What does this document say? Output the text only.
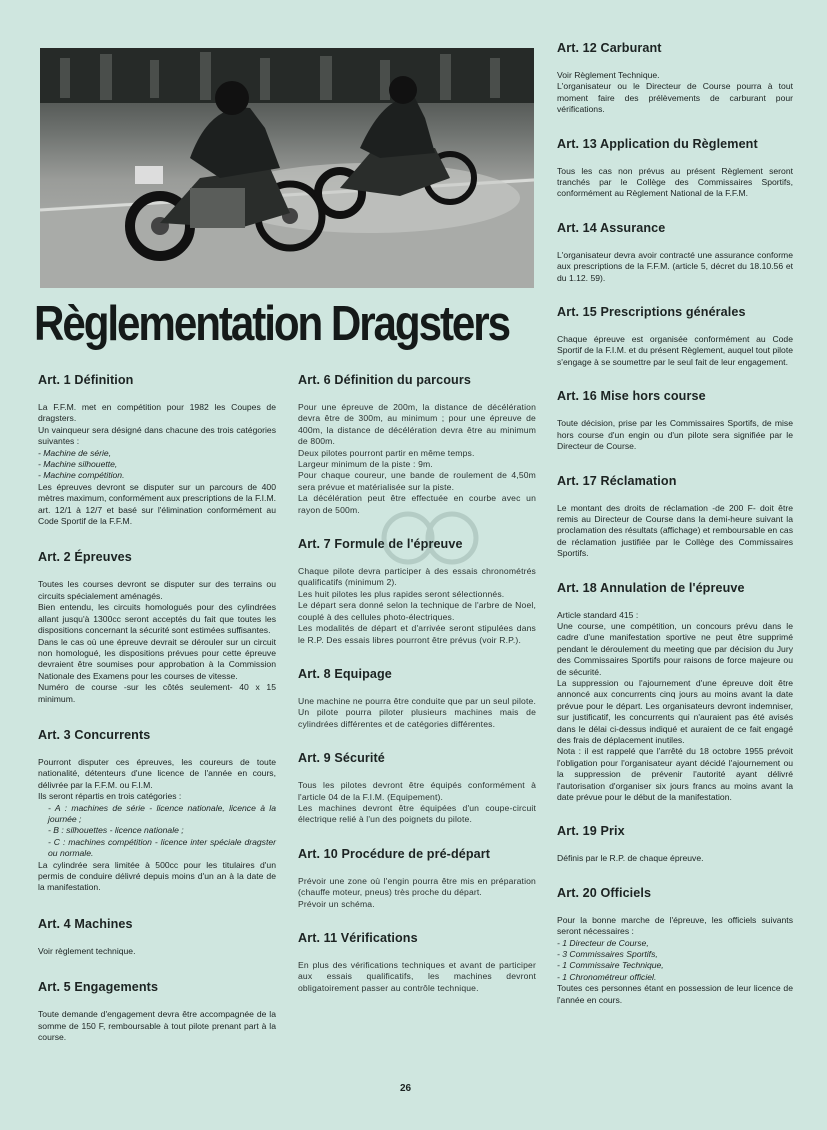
Règlementation Dragsters
Art. 1 Définition

La F.F.M. met en compétition pour 1982 les Coupes de dragsters.

Un vainqueur sera désigné dans chacune des trois catégories suivantes :

- Machine de série,

- Machine silhouette,

- Machine compétition.

Les épreuves devront se disputer sur un parcours de 400 mètres maximum, conformément aux prescriptions de la F.I.M. art. 12/1 à 12/7 et basé sur l'élimination conformément au Code Sportif de la F.F.M.

Art. 2 Épreuves

Toutes les courses devront se disputer sur des terrains ou circuits spécialement aménagés.

Bien entendu, les circuits homologués pour des cylindrées allant jusqu'à 1300cc seront acceptés du fait que toutes les dispositions concernant la sécurité sont estimées suffisantes.

Dans le cas où une épreuve devrait se dérouler sur un circuit non homologué, les dispositions prévues pour cette épreuve devraient être soumises pour approbation à la Commission Nationale des Examens pour les courses de vitesse.

Numéro de course -sur les côtés seulement- 40 x 15 minimum.

Art. 3 Concurrents

Pourront disputer ces épreuves, les coureurs de toute nationalité, détenteurs d'une licence de l'année en cours, délivrée par la F.F.M. ou F.I.M.

Ils seront répartis en trois catégories :

- A : machines de série - licence nationale, licence à la journée ;

- B : silhouettes - licence nationale ;

- C : machines compétition - licence inter spéciale dragster ou normale.

La cylindrée sera limitée à 500cc pour les titulaires d'un permis de conduire délivré depuis moins d'un an à la date de la manifestation.

Art. 4 Machines

Voir règlement technique.

Art. 5 Engagements

Toute demande d'engagement devra être accompagnée de la somme de 150 F, remboursable à tout pilote prenant part à la course.

Art. 6 Définition du parcours

Pour une épreuve de 200m, la distance de décélération devra être de 300m, au minimum ; pour une épreuve de 400m, la distance de décélération devra être au minimum de 800m.

Deux pilotes pourront partir en même temps.

Largeur minimum de la piste : 9m.

Pour chaque coureur, une bande de roulement de 4,50m sera prévue et matérialisée sur la piste.

La décélération peut être effectuée en courbe avec un rayon de 500m.

Art. 7 Formule de l'épreuve

Chaque pilote devra participer à des essais chronométrés qualificatifs (minimum 2).

Les huit pilotes les plus rapides seront sélectionnés.

Le départ sera donné selon la technique de l'arbre de Noel, couplé à des cellules photo-électriques.

Les modalités de départ et d'arrivée seront stipulées dans le R.P. Des essais libres pourront être prévus (voir R.P.).

Art. 8 Equipage

Une machine ne pourra être conduite que par un seul pilote. Un pilote pourra piloter plusieurs machines mais de cylindrées différentes et de catégories différentes.

Art. 9 Sécurité

Tous les pilotes devront être équipés conformément à l'article 04 de la F.I.M. (Equipement).

Les machines devront être équipées d'un coupe-circuit électrique relié à l'un des poignets du pilote.

Art. 10 Procédure de pré-départ

Prévoir une zone où l'engin pourra être mis en préparation (chauffe moteur, pneus) très proche du départ.

Prévoir un schéma.

Art. 11 Vérifications

En plus des vérifications techniques et avant de participer aux essais qualificatifs, les machines devront obligatoirement passer au contrôle technique.

Art. 12 Carburant

Voir Règlement Technique.

L'organisateur ou le Directeur de Course pourra à tout moment faire des prélèvements de carburant pour vérifications.

Art. 13 Application du Règlement

Tous les cas non prévus au présent Règlement seront tranchés par le Collège des Commissaires Sportifs, conformément au Règlement National de la F.F.M.

Art. 14 Assurance

L'organisateur devra avoir contracté une assurance conforme aux prescriptions de la F.F.M. (article 5, décret du 18.10.56 et du 1.12. 59).

Art. 15 Prescriptions générales

Chaque épreuve est organisée conformément au Code Sportif de la F.I.M. et du présent Règlement, auquel tout pilote s'engage à se soumettre par le seul fait de leur engagement.

Art. 16 Mise hors course

Toute décision, prise par les Commissaires Sportifs, de mise hors course d'un engin ou d'un pilote sera signifiée par le Directeur de Course.

Art. 17 Réclamation

Le montant des droits de réclamation -de 200 F- doit être remis au Directeur de Course dans la demi-heure suivant la proclamation des résultats (affichage) et remboursable en cas de réclamation justifiée par le Collège des Commissaires Sportifs.

Art. 18 Annulation de l'épreuve

Article standard 415 :

Une course, une compétition, un concours prévu dans le cadre d'une manifestation sportive ne peut être supprimé pendant le déroulement du meeting que par décision du Jury des Commissaires Sportifs pour raisons de force majeure ou de sécurité.

La suppression ou l'ajournement d'une épreuve doit être annoncé aux concurrents cinq jours au moins avant la date prévue pour le départ. Les organisateurs devront indemniser, sur justificatif, les concurrents qui n'auraient pas été avisés dans le délai ci-dessus indiqué et auraient de ce fait engagé des frais de déplacement inutiles.

Nota : il est rappelé que l'arrêté du 18 octobre 1955 prévoit l'obligation pour l'organisateur ayant décidé l'ajournement ou la suppression de prévenir l'autorité ayant délivré l'autorisation d'organiser six jours francs au moins avant la date prévue pour le début de la manifestation.

Art. 19 Prix

Définis par le R.P. de chaque épreuve.

Art. 20 Officiels

Pour la bonne marche de l'épreuve, les officiels suivants seront nécessaires :

- 1 Directeur de Course,

- 3 Commissaires Sportifs,

- 1 Commissaire Technique,

- 1 Chronométreur officiel.

Toutes ces personnes étant en possession de leur licence de l'année en cours.

26
